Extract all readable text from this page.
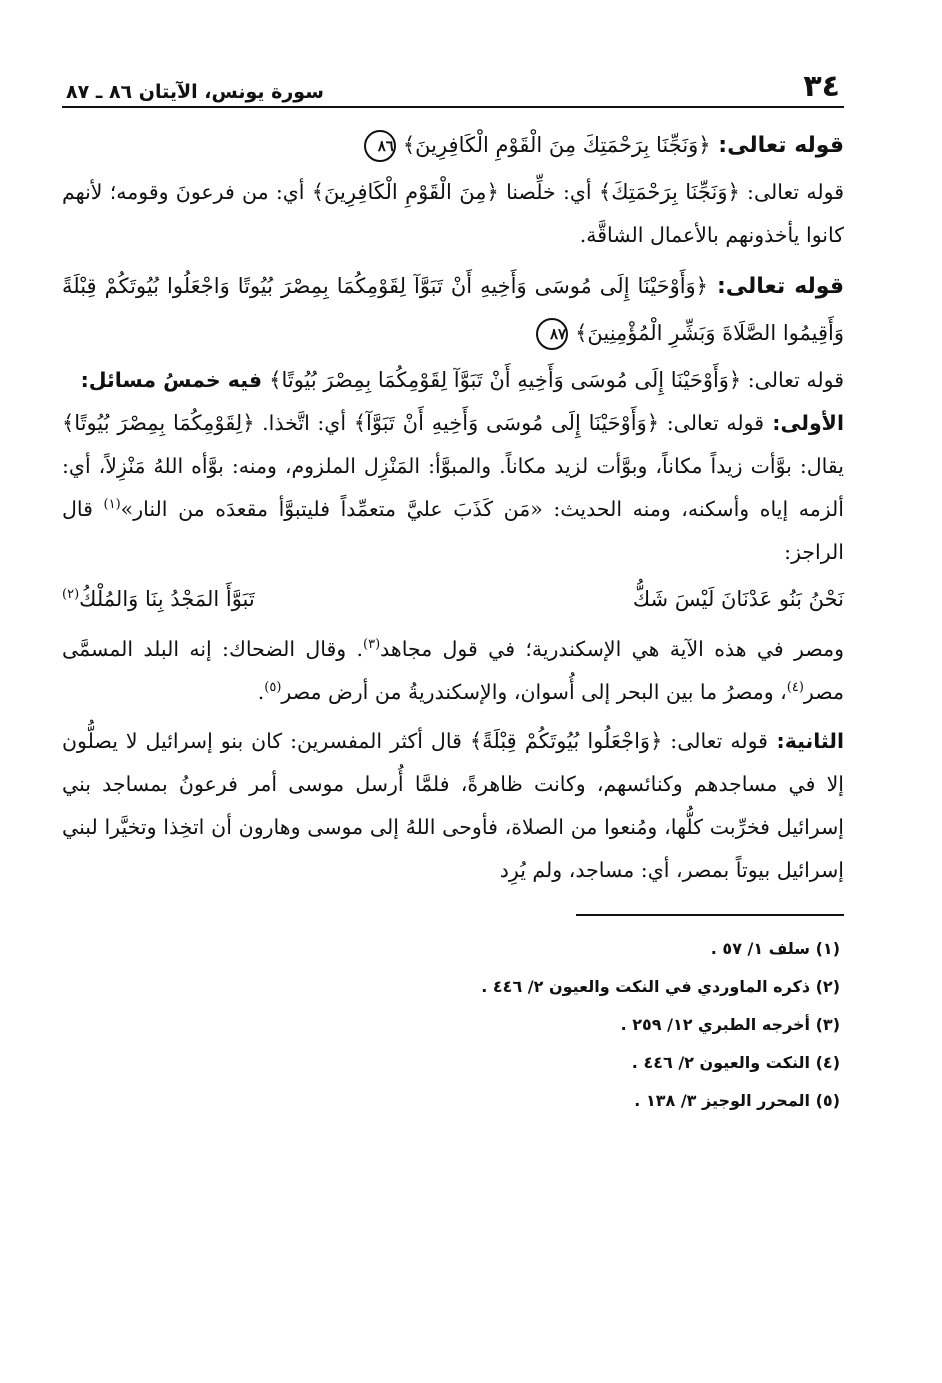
٣٤
سورة يونس، الآيتان ٨٦ ـ ٨٧

قوله تعالى: ﴿وَنَجِّنَا بِرَحْمَتِكَ مِنَ الْقَوْمِ الْكَافِرِينَ﴾ ٨٦

قوله تعالى: ﴿وَنَجِّنَا بِرَحْمَتِكَ﴾ أي: خلِّصنا ﴿مِنَ الْقَوْمِ الْكَافِرِينَ﴾ أي: من فرعونَ وقومه؛ لأنهم كانوا يأخذونهم بالأعمال الشاقَّة.

قوله تعالى: ﴿وَأَوْحَيْنَا إِلَى مُوسَى وَأَخِيهِ أَنْ تَبَوَّآ لِقَوْمِكُمَا بِمِصْرَ بُيُوتًا وَاجْعَلُوا بُيُوتَكُمْ قِبْلَةً وَأَقِيمُوا الصَّلَاةَ وَبَشِّرِ الْمُؤْمِنِينَ﴾ ٨٧

قوله تعالى: ﴿وَأَوْحَيْنَا إِلَى مُوسَى وَأَخِيهِ أَنْ تَبَوَّآ لِقَوْمِكُمَا بِمِصْرَ بُيُوتًا﴾ فيه خمسُ مسائل:

الأولى: قوله تعالى: ﴿وَأَوْحَيْنَا إِلَى مُوسَى وَأَخِيهِ أَنْ تَبَوَّآ﴾ أي: اتَّخذا. ﴿لِقَوْمِكُمَا بِمِصْرَ بُيُوتًا﴾ يقال: بوَّأت زيداً مكاناً، وبوَّأت لزيد مكاناً. والمبوَّأ: المَنْزِل الملزوم، ومنه: بوَّأه اللهُ مَنْزِلاً، أي: ألزمه إياه وأسكنه، ومنه الحديث: «مَن كَذَبَ عليَّ متعمِّداً فليتبوَّأ مقعدَه من النار»$^{(١)}$ قال الراجز:

نَحْنُ بَنُو عَدْنَانَ لَيْسَ شَكُّ
تَبَوَّأَ المَجْدُ بِنَا وَالمُلْكُ$^{(٢)}$

ومصر في هذه الآية هي الإسكندرية؛ في قول مجاهد$^{(٣)}$. وقال الضحاك: إنه البلد المسمَّى مصر$^{(٤)}$، ومصرُ ما بين البحر إلى أُسوان، والإسكندريةُ من أرض مصر$^{(٥)}$.

الثانية: قوله تعالى: ﴿وَاجْعَلُوا بُيُوتَكُمْ قِبْلَةً﴾ قال أكثر المفسرين: كان بنو إسرائيل لا يصلُّون إلا في مساجدهم وكنائسهم، وكانت ظاهرةً، فلمَّا أُرسل موسى أمر فرعونُ بمساجد بني إسرائيل فخرِّبت كلُّها، ومُنعوا من الصلاة، فأوحى اللهُ إلى موسى وهارون أن اتخِذا وتخيَّرا لبني إسرائيل بيوتاً بمصر، أي: مساجد، ولم يُرِد

(١) سلف ١/ ٥٧ .
(٢) ذكره الماوردي في النكت والعيون ٢/ ٤٤٦ .
(٣) أخرجه الطبري ١٢/ ٢٥٩ .
(٤) النكت والعيون ٢/ ٤٤٦ .
(٥) المحرر الوجيز ٣/ ١٣٨ .
